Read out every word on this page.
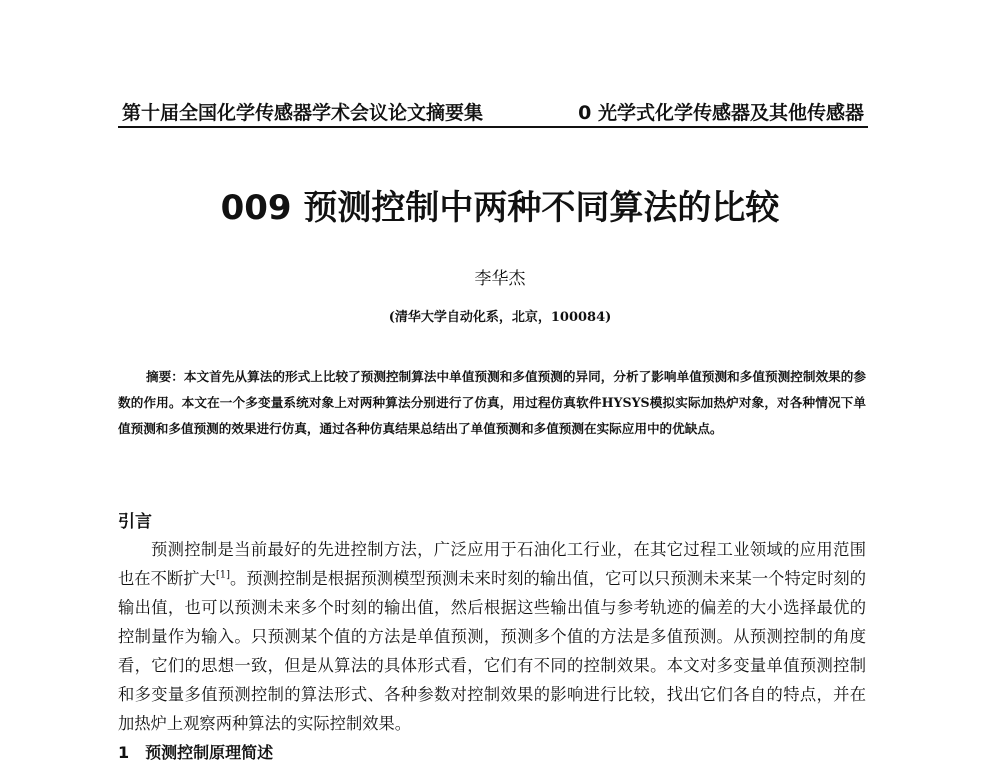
第十届全国化学传感器学术会议论文摘要集	0 光学式化学传感器及其他传感器
009 预测控制中两种不同算法的比较
李华杰
(清华大学自动化系，北京，100084)
摘要：本文首先从算法的形式上比较了预测控制算法中单值预测和多值预测的异同，分析了影响单值预测和多值预测控制效果的参数的作用。本文在一个多变量系统对象上对两种算法分别进行了仿真，用过程仿真软件HYSYS模拟实际加热炉对象，对各种情况下单值预测和多值预测的效果进行仿真，通过各种仿真结果总结出了单值预测和多值预测在实际应用中的优缺点。
引言
预测控制是当前最好的先进控制方法，广泛应用于石油化工行业，在其它过程工业领域的应用范围也在不断扩大[1]。预测控制是根据预测模型预测未来时刻的输出值，它可以只预测未来某一个特定时刻的输出值，也可以预测未来多个时刻的输出值，然后根据这些输出值与参考轨迹的偏差的大小选择最优的控制量作为输入。只预测某个值的方法是单值预测，预测多个值的方法是多值预测。从预测控制的角度看，它们的思想一致，但是从算法的具体形式看，它们有不同的控制效果。本文对多变量单值预测控制和多变量多值预测控制的算法形式、各种参数对控制效果的影响进行比较，找出它们各自的特点，并在加热炉上观察两种算法的实际控制效果。
1　预测控制原理简述
